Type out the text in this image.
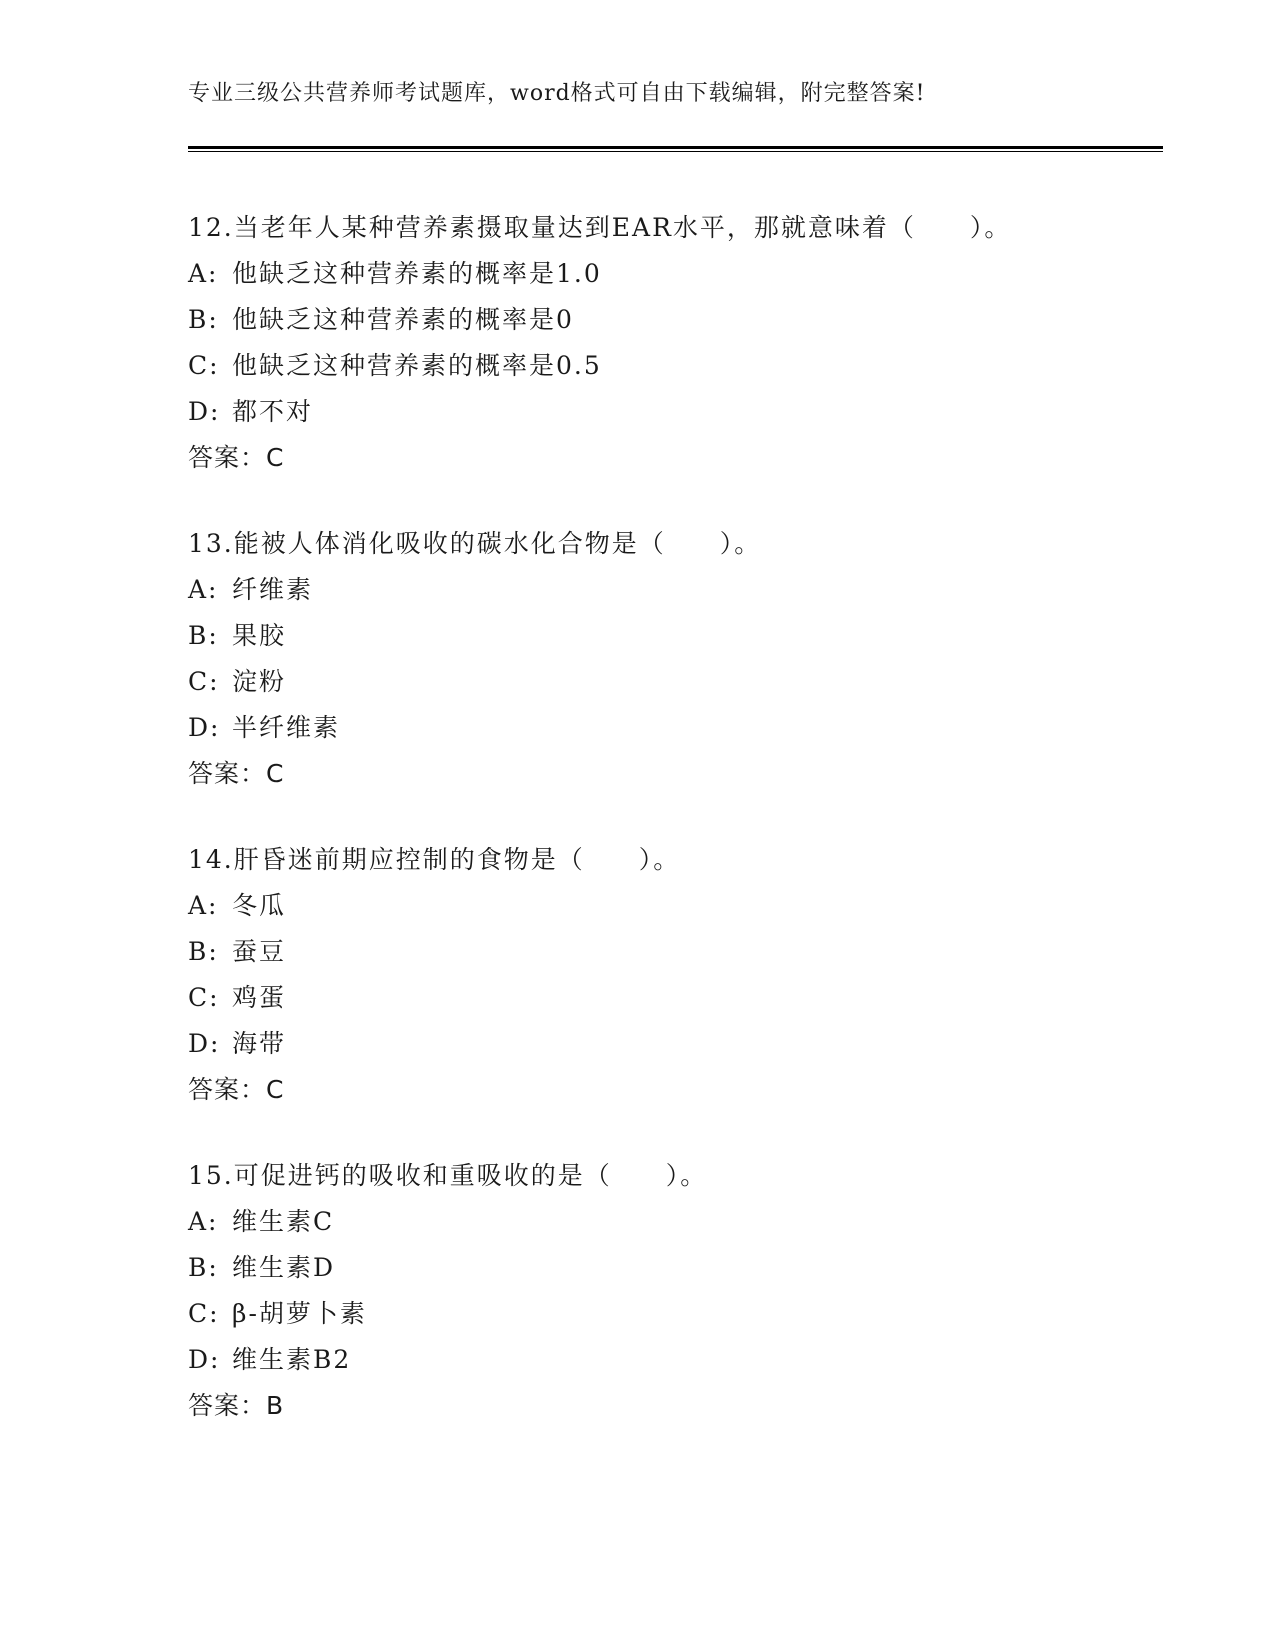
专业三级公共营养师考试题库，word格式可自由下载编辑，附完整答案!
12.当老年人某种营养素摄取量达到EAR水平，那就意味着（　　）。
A: 他缺乏这种营养素的概率是1.0
B: 他缺乏这种营养素的概率是0
C: 他缺乏这种营养素的概率是0.5
D: 都不对
答案：C
13.能被人体消化吸收的碳水化合物是（　　）。
A: 纤维素
B: 果胶
C: 淀粉
D: 半纤维素
答案：C
14.肝昏迷前期应控制的食物是（　　）。
A: 冬瓜
B: 蚕豆
C: 鸡蛋
D: 海带
答案：C
15.可促进钙的吸收和重吸收的是（　　）。
A: 维生素C
B: 维生素D
C: β-胡萝卜素
D: 维生素B2
答案：B
